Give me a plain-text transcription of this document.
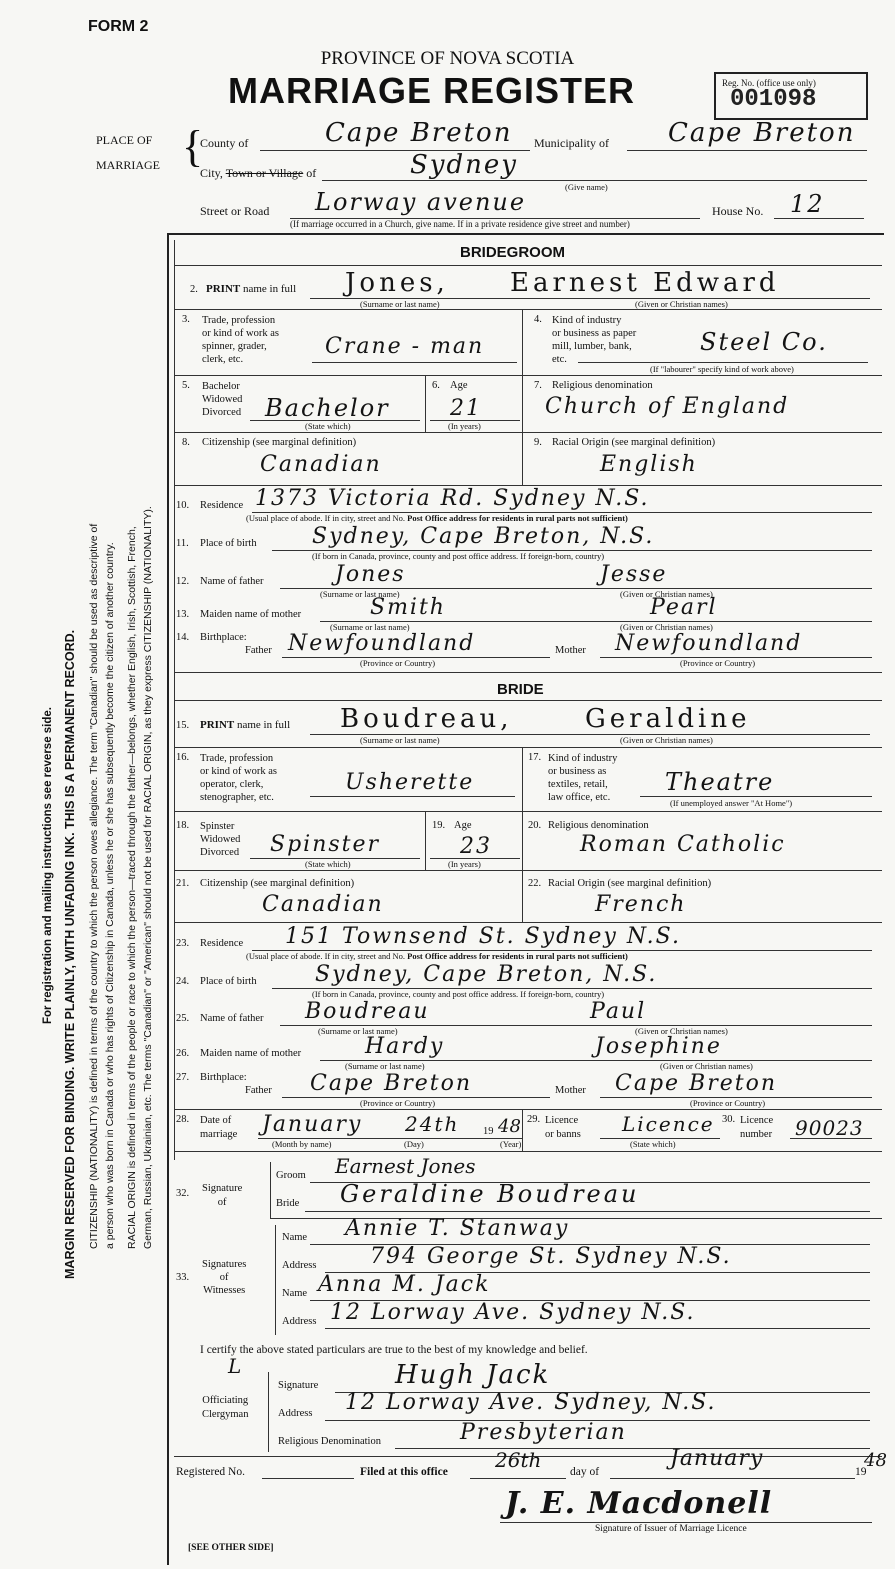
FORM 2
PROVINCE OF NOVA SCOTIA
MARRIAGE REGISTER	Reg. No. (office use only)
001098
PLACE OF
MARRIAGE {
County of	Cape Breton Municipality of Cape Breton
City, Town or Village of	Sydney
(Give name)
Street or Road Lorway avenue	House No. 12
(If marriage occurred in a Church, give name. If in a private residence give street and number)
For registration and mailing instructions see reverse side. MARGIN RESERVED FOR BINDING. WRITE PLAINLY, WITH UNFADING INK. THIS IS A PERMANENT RECORD. CITIZENSHIP (NATIONALITY) is defined in terms of the country to which the person owes allegiance. The term "Canadian" should be used as descriptive of a person who was born in Canada or who has rights of Citizenship in Canada, unless he or she has subsequently become the citizen of another country. RACIAL ORIGIN is defined in terms of the people or race to which the person—traced through the father—belongs, whether English, Irish, Scottish, French, German, Russian, Ukrainian, etc. The terms "Canadian" or "American" should not be used for RACIAL ORIGIN, as they express CITIZENSHIP (NATIONALITY).
BRIDEGROOM
2. PRINT name in full Jones, Earnest Edward
(Surname or last name)	(Given or Christian names)
3. Trade, profession
or kind of work as
spinner, grader,
clerk, etc.
Crane - man
4. Kind of industry
or business as paper
mill, lumber, bank,
etc.
Steel Co.
(If "labourer" specify kind of work above)
5. Bachelor
Widowed
Divorced Bachelor
(State which)
6. Age
21
(In years)
7. Religious denomination
Church of England
8. Citizenship (see marginal definition)
Canadian
9. Racial Origin (see marginal definition)
English
10. Residence 1373 Victoria Rd. Sydney N.S.
(Usual place of abode. If in city, street and No. Post Office address for residents in rural parts not sufficient)
11. Place of birth	Sydney, Cape Breton, N.S.
(If born in Canada, province, county and post office address. If foreign-born, country)
12. Name of father	Jones	Jesse
(Surname or last name)	(Given or Christian names)
13. Maiden name of mother	Smith	Pearl
(Surname or last name)	(Given or Christian names)
14. Birthplace:
Father Newfoundland
(Province or Country)
Mother Newfoundland
(Province or Country)
BRIDE
15. PRINT name in full Boudreau,	Geraldine
(Surname or last name)	(Given or Christian names)
16. Trade, profession
or kind of work as
operator, clerk,
stenographer, etc.
Usherette
17. Kind of industry
or business as
textiles, retail,
law office, etc.
Theatre
(If unemployed answer "At Home")
18. Spinster
Widowed
Divorced Spinster
(State which)
19. Age
23
(In years)
20. Religious denomination
Roman Catholic
21. Citizenship (see marginal definition)
Canadian
22. Racial Origin (see marginal definition)
French
23. Residence 151 Townsend St. Sydney N.S.
(Usual place of abode. If in city, street and No. Post Office address for residents in rural parts not sufficient)
24. Place of birth	Sydney, Cape Breton, N.S.
(If born in Canada, province, county and post office address. If foreign-born, country)
25. Name of father Boudreau	Paul
(Surname or last name)	(Given or Christian names)
26. Maiden name of mother	Hardy	Josephine
(Surname or last name)	(Given or Christian names)
27. Birthplace:
Father Cape Breton
(Province or Country)
Mother Cape Breton
(Province or Country)
28. Date of
marriage January 24th 19 48
(Month by name)	(Day)	(Year)
29. Licence
or banns Licence
(State which)
30. Licence
number 90023
32. Signature
of
Groom Earnest Jones
Bride Geraldine Boudreau
33.
Signatures
of
Witnesses
Name Annie T. Stanway
Address 794 George St. Sydney N.S.
Name Anna M. Jack
Address 12 Lorway Ave. Sydney N.S.
I certify the above stated particulars are true to the best of my knowledge and belief.
L
Officiating
Clergyman
Signature	Hugh Jack
Address 12 Lorway Ave. Sydney, N.S.
Religious Denomination	Presbyterian
Registered No.	Filed at this office 26th day of
January
19
48
J. E. Macdonell
Signature of Issuer of Marriage Licence
[SEE OTHER SIDE]
